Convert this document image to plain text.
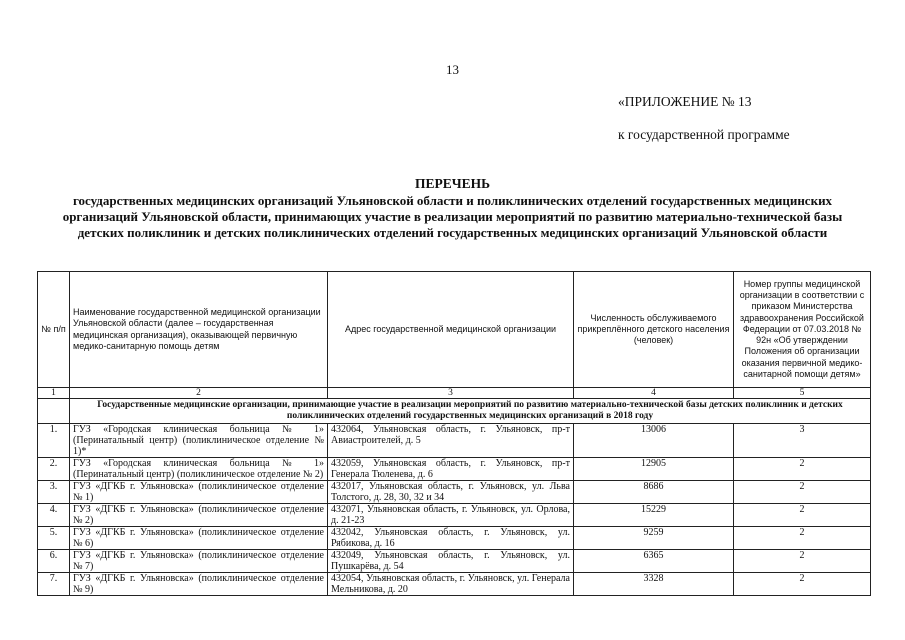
13
«ПРИЛОЖЕНИЕ № 13
к государственной программе
ПЕРЕЧЕНЬ
государственных медицинских организаций Ульяновской области и поликлинических отделений государственных медицинских организаций Ульяновской области, принимающих участие в реализации мероприятий по развитию материально-технической базы детских поликлиник и детских поликлинических отделений государственных медицинских организаций Ульяновской области
№ п/п	Наименование государственной медицинской организации Ульяновской области (далее – государственная медицинская организация), оказывающей первичную медико-санитарную помощь детям	Адрес государственной медицинской организации	Численность обслуживаемого прикреплённого детского населения (человек)	Номер группы медицинской организации в соответствии с приказом Министерства здравоохранения Российской Федерации от 07.03.2018 № 92н «Об утверждении Положения об организации оказания первичной медико-санитарной помощи детям»
1	2	3	4	5
	Государственные медицинские организации, принимающие участие в реализации мероприятий по развитию материально-технической базы детских поликлиник и детских поликлинических отделений государственных медицинских организаций в 2018 году			
1.	ГУЗ «Городская клиническая больница № 1» (Перинатальный центр) (поликлиническое отделение № 1)*	432064, Ульяновская область, г. Ульяновск, пр-т Авиастроителей, д. 5	13006	3
2.	ГУЗ «Городская клиническая больница № 1» (Перинатальный центр) (поликлиническое отделение № 2)	432059, Ульяновская область, г. Ульяновск, пр-т Генерала Тюленева, д. 6	12905	2
3.	ГУЗ «ДГКБ г. Ульяновска» (поликлиническое отделение № 1)	432017, Ульяновская область, г. Ульяновск, ул. Льва Толстого, д. 28, 30, 32 и 34	8686	2
4.	ГУЗ «ДГКБ г. Ульяновска» (поликлиническое отделение № 2)	432071, Ульяновская область, г. Ульяновск, ул. Орлова, д. 21-23	15229	2
5.	ГУЗ «ДГКБ г. Ульяновска» (поликлиническое отделение № 6)	432042, Ульяновская область, г. Ульяновск, ул. Рябикова, д. 16	9259	2
6.	ГУЗ «ДГКБ г. Ульяновска» (поликлиническое отделение № 7)	432049, Ульяновская область, г. Ульяновск, ул. Пушкарёва, д. 54	6365	2
7.	ГУЗ «ДГКБ г. Ульяновска» (поликлиническое отделение № 9)	432054, Ульяновская область, г. Ульяновск, ул. Генерала Мельникова, д. 20	3328	2
